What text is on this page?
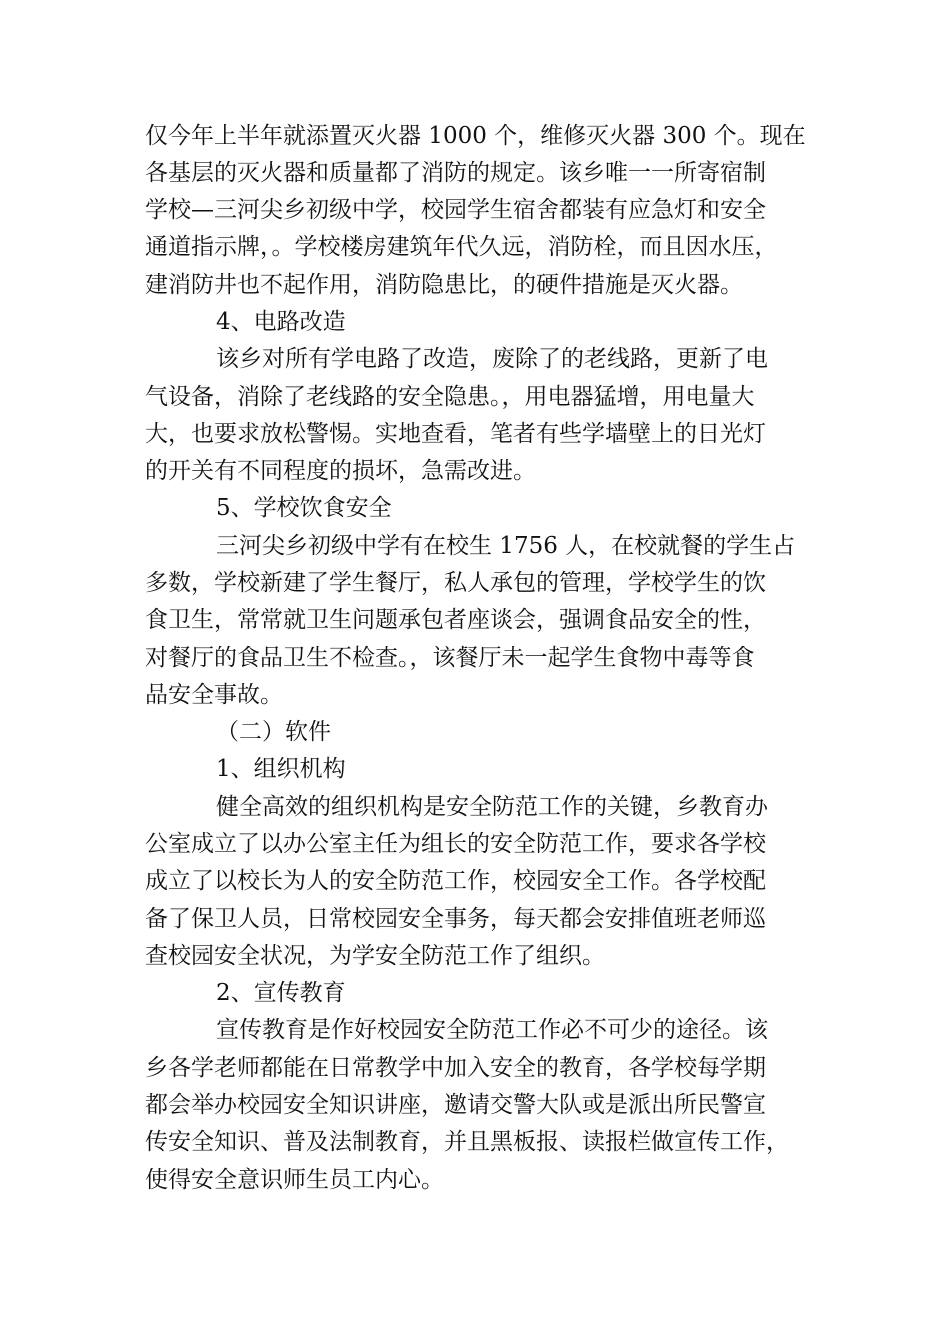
仅今年上半年就添置灭火器 1000 个，维修灭火器 300 个。现在
各基层的灭火器和质量都了消防的规定。该乡唯一一所寄宿制
学校—三河尖乡初级中学，校园学生宿舍都装有应急灯和安全
通道指示牌，。学校楼房建筑年代久远，消防栓，而且因水压，
建消防井也不起作用，消防隐患比，的硬件措施是灭火器。
4、电路改造
该乡对所有学电路了改造，废除了的老线路，更新了电
气设备，消除了老线路的安全隐患。，用电器猛增，用电量大
大，也要求放松警惕。实地查看，笔者有些学墙壁上的日光灯
的开关有不同程度的损坏，急需改进。
5、学校饮食安全
三河尖乡初级中学有在校生 1756 人，在校就餐的学生占
多数，学校新建了学生餐厅，私人承包的管理，学校学生的饮
食卫生，常常就卫生问题承包者座谈会，强调食品安全的性，
对餐厅的食品卫生不检查。，该餐厅未一起学生食物中毒等食
品安全事故。
（二）软件
1、组织机构
健全高效的组织机构是安全防范工作的关键，乡教育办
公室成立了以办公室主任为组长的安全防范工作，要求各学校
成立了以校长为人的安全防范工作，校园安全工作。各学校配
备了保卫人员，日常校园安全事务，每天都会安排值班老师巡
查校园安全状况，为学安全防范工作了组织。
2、宣传教育
宣传教育是作好校园安全防范工作必不可少的途径。该
乡各学老师都能在日常教学中加入安全的教育，各学校每学期
都会举办校园安全知识讲座，邀请交警大队或是派出所民警宣
传安全知识、普及法制教育，并且黑板报、读报栏做宣传工作，
使得安全意识师生员工内心。
